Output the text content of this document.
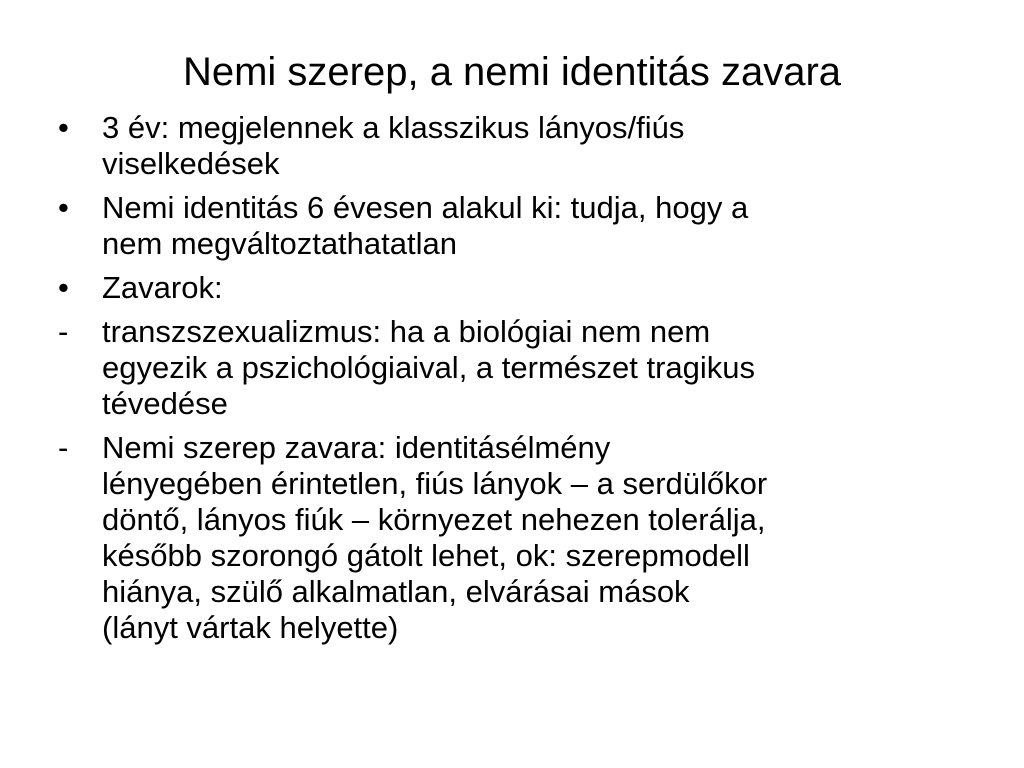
Nemi szerep, a nemi identitás zavara
•	3 év: megjelennek a klasszikus lányos/fiús
viselkedések
•	Nemi identitás 6 évesen alakul ki: tudja, hogy a
nem megváltoztathatatlan
•	Zavarok:
-	transzszexualizmus: ha a biológiai nem nem
egyezik a pszichológiaival, a természet tragikus
tévedése
-	Nemi szerep zavara: identitásélmény
lényegében érintetlen, fiús lányok – a serdülőkor
döntő, lányos fiúk – környezet nehezen tolerálja,
később szorongó gátolt lehet, ok: szerepmodell
hiánya, szülő alkalmatlan, elvárásai mások
(lányt vártak helyette)
